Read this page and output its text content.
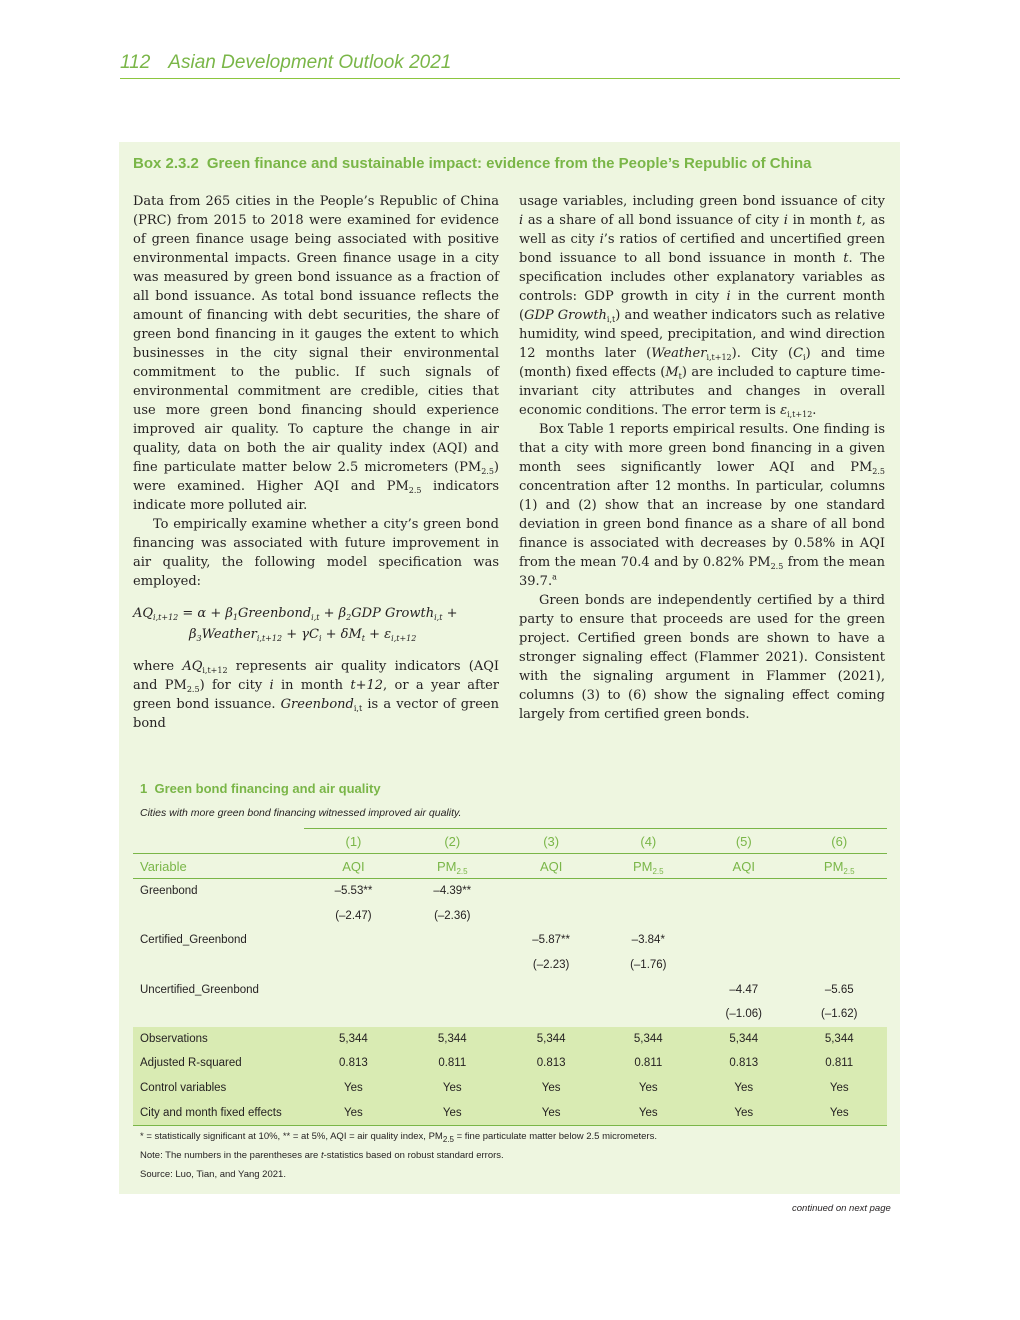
112 Asian Development Outlook 2021
Box 2.3.2 Green finance and sustainable impact: evidence from the People’s Republic of China

Data from 265 cities in the People’s Republic of China (PRC) from 2015 to 2018 were examined for evidence of green finance usage being associated with positive environmental impacts. Green finance usage in a city was measured by green bond issuance as a fraction of all bond issuance. As total bond issuance reflects the amount of financing with debt securities, the share of green bond financing in it gauges the extent to which businesses in the city signal their environmental commitment to the public. If such signals of environmental commitment are credible, cities that use more green bond financing should experience improved air quality. To capture the change in air quality, data on both the air quality index (AQI) and fine particulate matter below 2.5 micrometers $(PM_{2.5})$ were examined. Higher AQI and $PM_{2.5}$ indicators indicate more polluted air.

To empirically examine whether a city’s green bond financing was associated with future improvement in air quality, the following model specification was employed:

$AQ_{i,t+12} = \alpha$ + $\beta_1Greenbond_{i,t} + \beta_2GDP$ Growth$_{i,t}$ +
$\beta_3Weather_{i,t+12} + \gamma C_i + \delta M_t + \varepsilon_{i,t+12}$

where $AQ_{i,t+12}$ represents air quality indicators (AQI and $PM_{2.5}$) for city i in month t+12, or a year after green bond issuance. Greenbond$_{i,t}$ is a vector of green bond

usage variables, including green bond issuance of city i as a share of all bond issuance of city i in month t, as well as city i’s ratios of certified and uncertified green bond issuance to all bond issuance in month t. The specification includes other explanatory variables as controls: GDP growth in city i in the current month (GDP Growth$_{i,t}$) and weather indicators such as relative humidity, wind speed, precipitation, and wind direction 12 months later (Weather$_{i,t+12}$). City $(C_i)$ and time (month) fixed effects $(M_t)$ are included to capture time-invariant city attributes and changes in overall economic conditions. The error term is $\varepsilon_{i,t+12}$.

Box Table 1 reports empirical results. One finding is that a city with more green bond financing in a given month sees significantly lower AQI and $PM_{2.5}$ concentration after 12 months. In particular, columns (1) and (2) show that an increase by one standard deviation in green bond finance as a share of all bond finance is associated with decreases by 0.58% in AQI from the mean 70.4 and by 0.82% $PM_{2.5}$ from the mean 39.7.$^a$

Green bonds are independently certified by a third party to ensure that proceeds are used for the green project. Certified green bonds are shown to have a stronger signaling effect (Flammer 2021). Consistent with the signaling argument in Flammer (2021), columns (3) to (6) show the signaling effect coming largely from certified green bonds.

1 Green bond financing and air quality
Cities with more green bond financing witnessed improved air quality.
	(1)	(2)	(3)	(4)	(5)	(6)
Variable	AQI	$PM_{2.5}$	AQI	$PM_{2.5}$	AQI	$PM_{2.5}$
Greenbond	–5.53**	–4.39**				
	(–2.47)	(–2.36)				
Certified_Greenbond			–5.87**	–3.84*		
			(–2.23)	(–1.76)		
Uncertified_Greenbond					–4.47	–5.65
					(–1.06)	(–1.62)
Observations	5,344	5,344	5,344	5,344	5,344	5,344
Adjusted R-squared	0.813	0.811	0.813	0.811	0.813	0.811
Control variables	Yes	Yes	Yes	Yes	Yes	Yes
City and month fixed effects	Yes	Yes	Yes	Yes	Yes	Yes
* = statistically significant at 10%, ** = at 5%, AQI = air quality index, $PM_{2.5}$ = fine particulate matter below 2.5 micrometers.
Note: The numbers in the parentheses are t-statistics based on robust standard errors.
Source: Luo, Tian, and Yang 2021.
continued on next page
